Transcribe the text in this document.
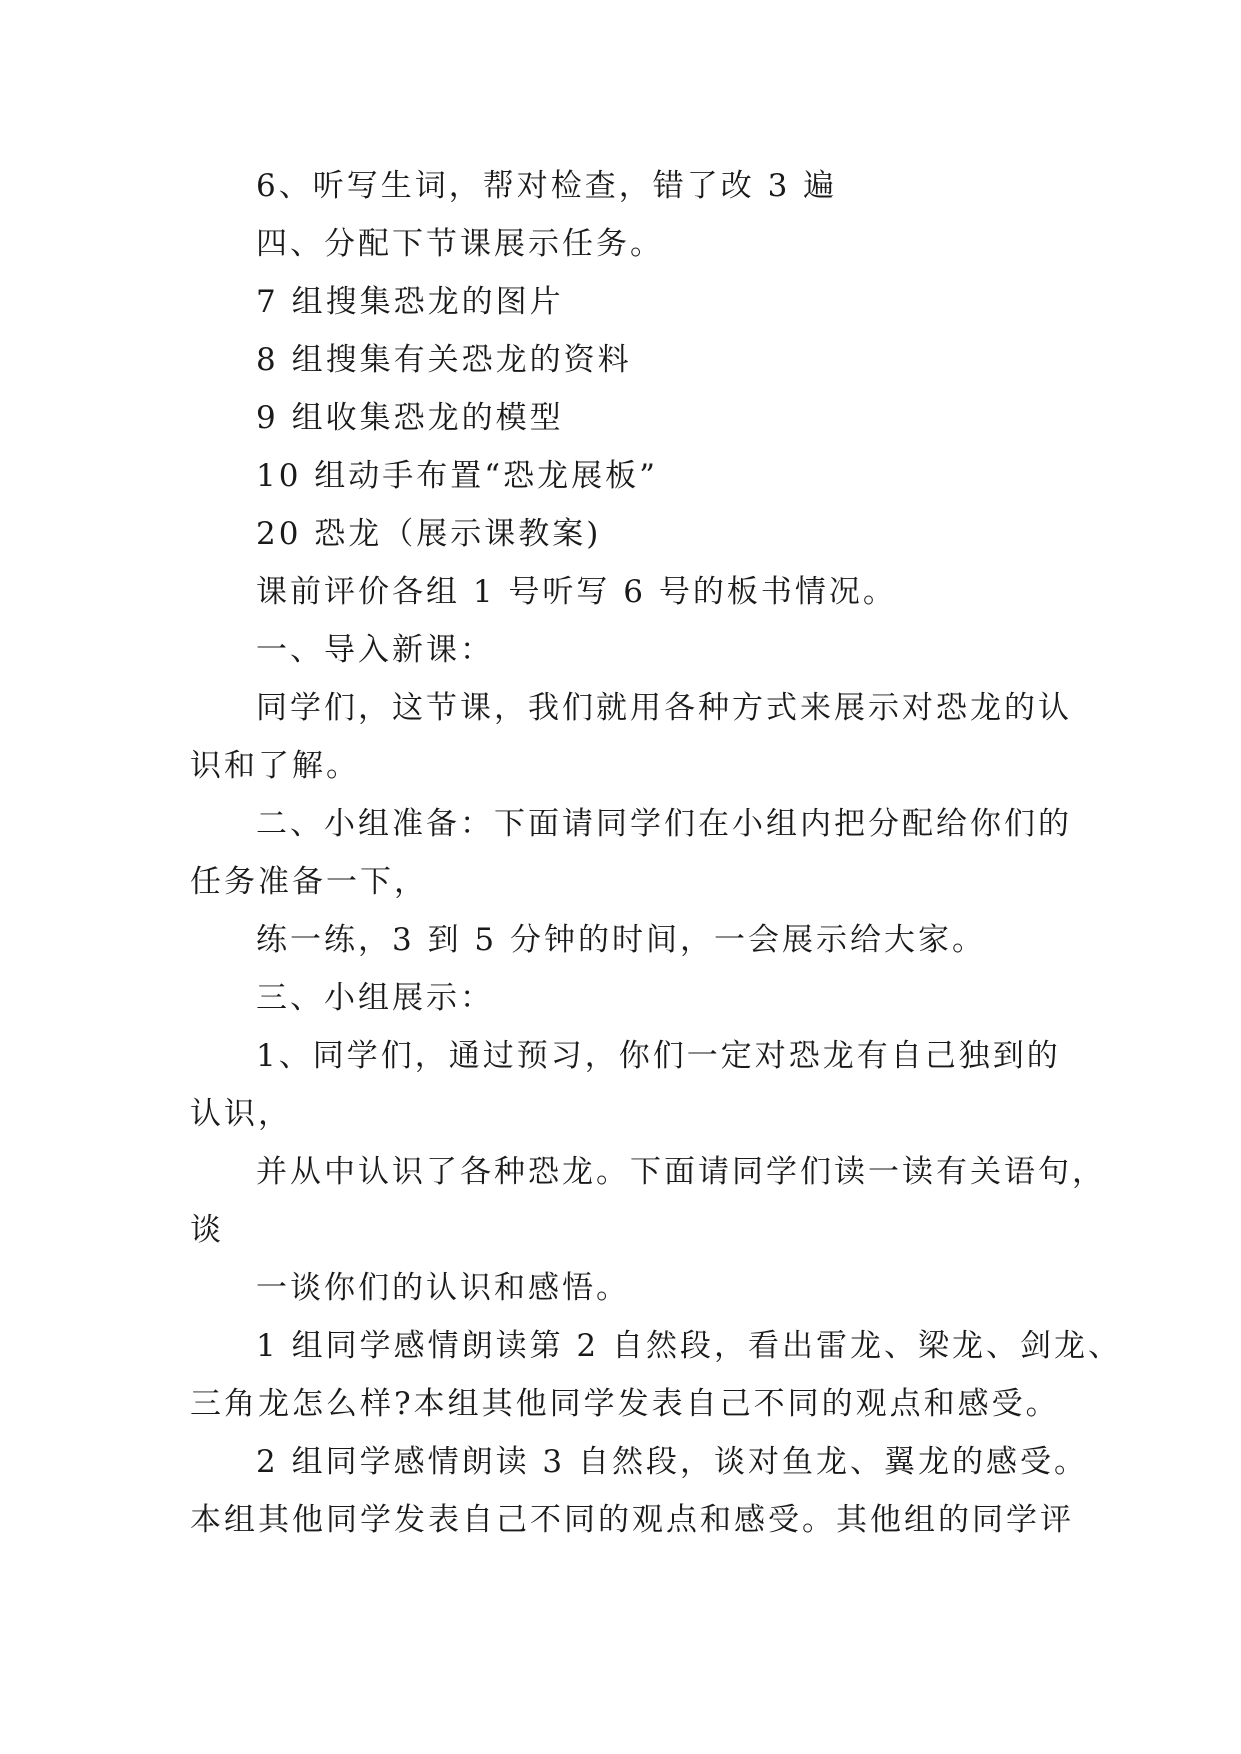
6、听写生词，帮对检查，错了改 3 遍

四、分配下节课展示任务。

7 组搜集恐龙的图片

8 组搜集有关恐龙的资料

9 组收集恐龙的模型

10 组动手布置“恐龙展板”

20 恐龙（展示课教案)

课前评价各组 1 号听写 6 号的板书情况。

一、导入新课：

同学们，这节课，我们就用各种方式来展示对恐龙的认

识和了解。

二、小组准备：下面请同学们在小组内把分配给你们的

任务准备一下，

练一练，3 到 5 分钟的时间，一会展示给大家。

三、小组展示：

1、同学们，通过预习，你们一定对恐龙有自己独到的

认识，

并从中认识了各种恐龙。下面请同学们读一读有关语句，

谈

一谈你们的认识和感悟。

1 组同学感情朗读第 2 自然段，看出雷龙、梁龙、剑龙、

三角龙怎么样?本组其他同学发表自己不同的观点和感受。

2 组同学感情朗读 3 自然段，谈对鱼龙、翼龙的感受。

本组其他同学发表自己不同的观点和感受。其他组的同学评
